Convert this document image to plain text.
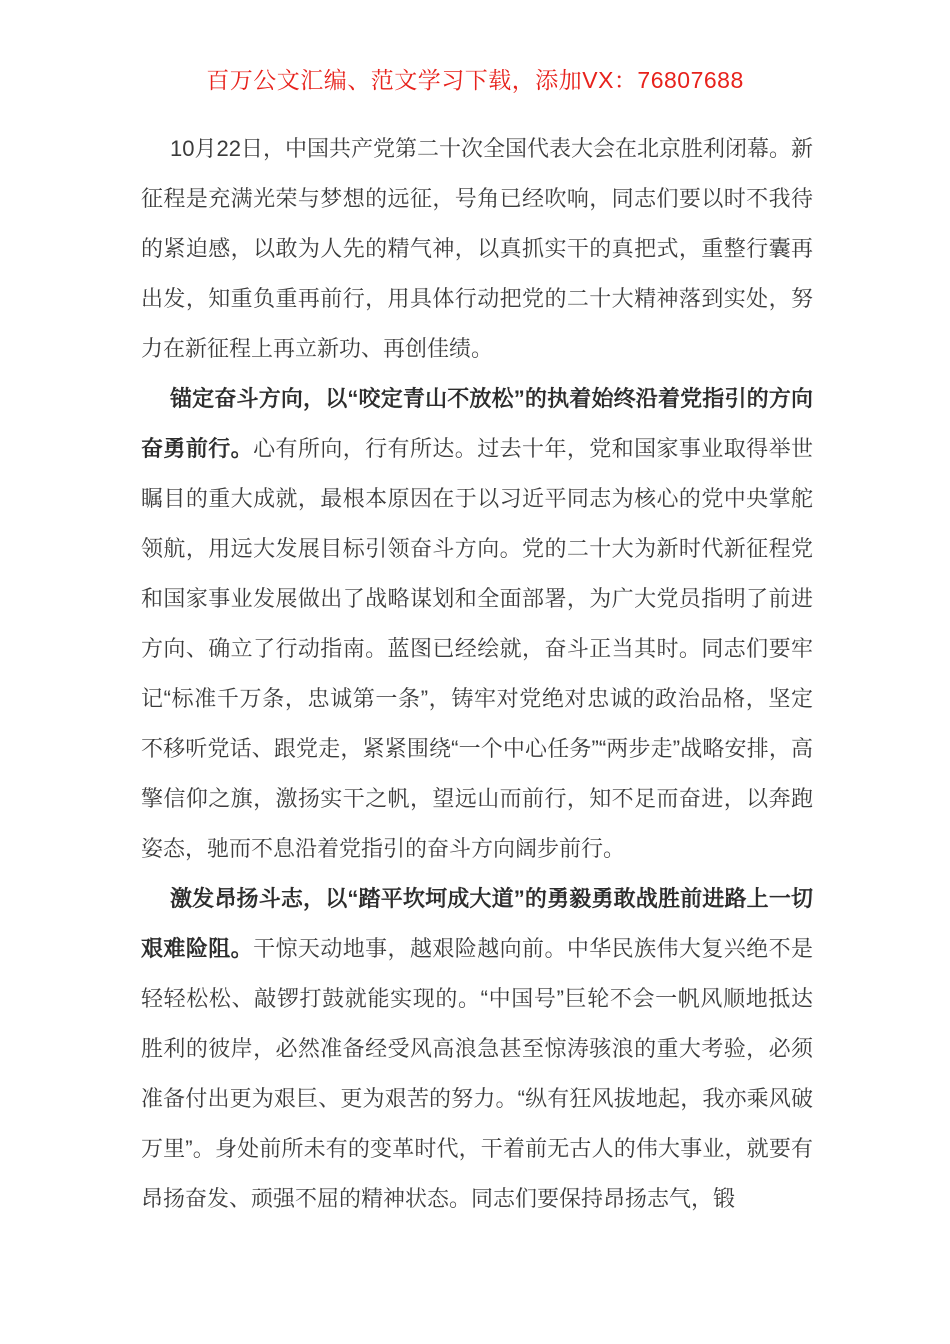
百万公文汇编、范文学习下载，添加VX：76807688

10月22日，中国共产党第二十次全国代表大会在北京胜利闭幕。新征程是充满光荣与梦想的远征，号角已经吹响，同志们要以时不我待的紧迫感，以敢为人先的精气神，以真抓实干的真把式，重整行囊再出发，知重负重再前行，用具体行动把党的二十大精神落到实处，努力在新征程上再立新功、再创佳绩。

锚定奋斗方向，以“咬定青山不放松”的执着始终沿着党指引的方向奋勇前行。心有所向，行有所达。过去十年，党和国家事业取得举世瞩目的重大成就，最根本原因在于以习近平同志为核心的党中央掌舵领航，用远大发展目标引领奋斗方向。党的二十大为新时代新征程党和国家事业发展做出了战略谋划和全面部署，为广大党员指明了前进方向、确立了行动指南。蓝图已经绘就，奋斗正当其时。同志们要牢记“标准千万条，忠诚第一条”，铸牢对党绝对忠诚的政治品格，坚定不移听党话、跟党走，紧紧围绕“一个中心任务”“两步走”战略安排，高擎信仰之旗，激扬实干之帆，望远山而前行，知不足而奋进，以奔跑姿态，驰而不息沿着党指引的奋斗方向阔步前行。

激发昂扬斗志，以“踏平坎坷成大道”的勇毅勇敢战胜前进路上一切艰难险阻。干惊天动地事，越艰险越向前。中华民族伟大复兴绝不是轻轻松松、敲锣打鼓就能实现的。“中国号”巨轮不会一帆风顺地抵达胜利的彼岸，必然准备经受风高浪急甚至惊涛骇浪的重大考验，必须准备付出更为艰巨、更为艰苦的努力。“纵有狂风拔地起，我亦乘风破万里”。身处前所未有的变革时代，干着前无古人的伟大事业，就要有昂扬奋发、顽强不屈的精神状态。同志们要保持昂扬志气，锻
